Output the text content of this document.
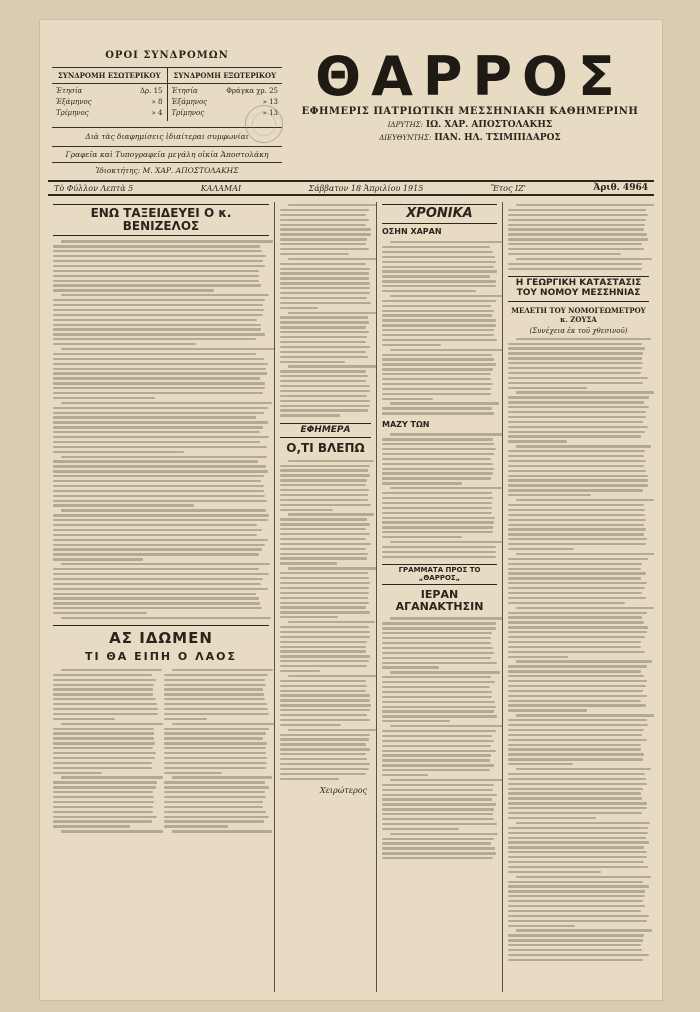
ΟΡΟΙ ΣΥΝΔΡΟΜΩΝ
ΣΥΝΔΡΟΜΗ ΕΣΩΤΕΡΙΚΟΥ
Ἐτησία	Δρ. 15
Ἑξάμηνος	» 8
Τρίμηνος	» 4
ΣΥΝΔΡΟΜΗ ΕΞΩΤΕΡΙΚΟΥ
Ἐτησία	Φράγκα χρ. 25
Ἑξάμηνος	» 13
Τρίμηνος	» 13
Διὰ τὰς διαφημίσεις ἰδιαίτεραι συμφωνίαι
Γραφεῖα καὶ Τυπογραφεῖα μεγάλη οἰκία Ἀποστολάκη
Ἰδιοκτήτης: Μ. ΧΑΡ. ΑΠΟΣΤΟΛΑΚΗΣ
ΘΑΡΡΟΣ
ΕΦΗΜΕΡΙΣ ΠΑΤΡΙΩΤΙΚΗ ΜΕΣΣΗΝΙΑΚΗ ΚΑΘΗΜΕΡΙΝΗ
ΙΔΡΥΤΗΣ: ΙΩ. ΧΑΡ. ΑΠΟΣΤΟΛΑΚΗΣ
ΔΙΕΥΘΥΝΤΗΣ: ΠΑΝ. ΗΛ. ΤΣΙΜΠΙΔΑΡΟΣ
Τὸ Φύλλον Λεπτὰ 5	ΚΑΛΑΜΑΙ	Σάββατον 18 Ἀπριλίου 1915	Ἔτος ΙΖ'	Ἀριθ. 4964
ΕΝΩ ΤΑΞΕΙΔΕΥΕΙ Ο κ. ΒΕΝΙΖΕΛΟΣ
ΑΣ ΙΔΩΜΕΝ
ΤΙ ΘΑ ΕΙΠΗ Ο ΛΑΟΣ
ΕΦΗΜΕΡΑ
Ο,ΤΙ ΒΛΕΠΩ
Χειρώτερος
ΧΡΟΝΙΚΑ
ΟΣΗΝ ΧΑΡΑΝ
ΜΑΖΥ ΤΩΝ
ΓΡΑΜΜΑΤΑ ΠΡΟΣ ΤΟ „ΘΑΡΡΟΣ„
ΙΕΡΑΝ ΑΓΑΝΑΚΤΗΣΙΝ
Η ΓΕΩΡΓΙΚΗ ΚΑΤΑΣΤΑΣΙΣ ΤΟΥ ΝΟΜΟΥ ΜΕΣΣΗΝΙΑΣ
ΜΕΛΕΤΗ ΤΟΥ ΝΟΜΟΓΕΩΜΕΤΡΟΥ κ. ΖΟΥΣΑ
(Συνέχεια ἐκ τοῦ χθεσινοῦ)
